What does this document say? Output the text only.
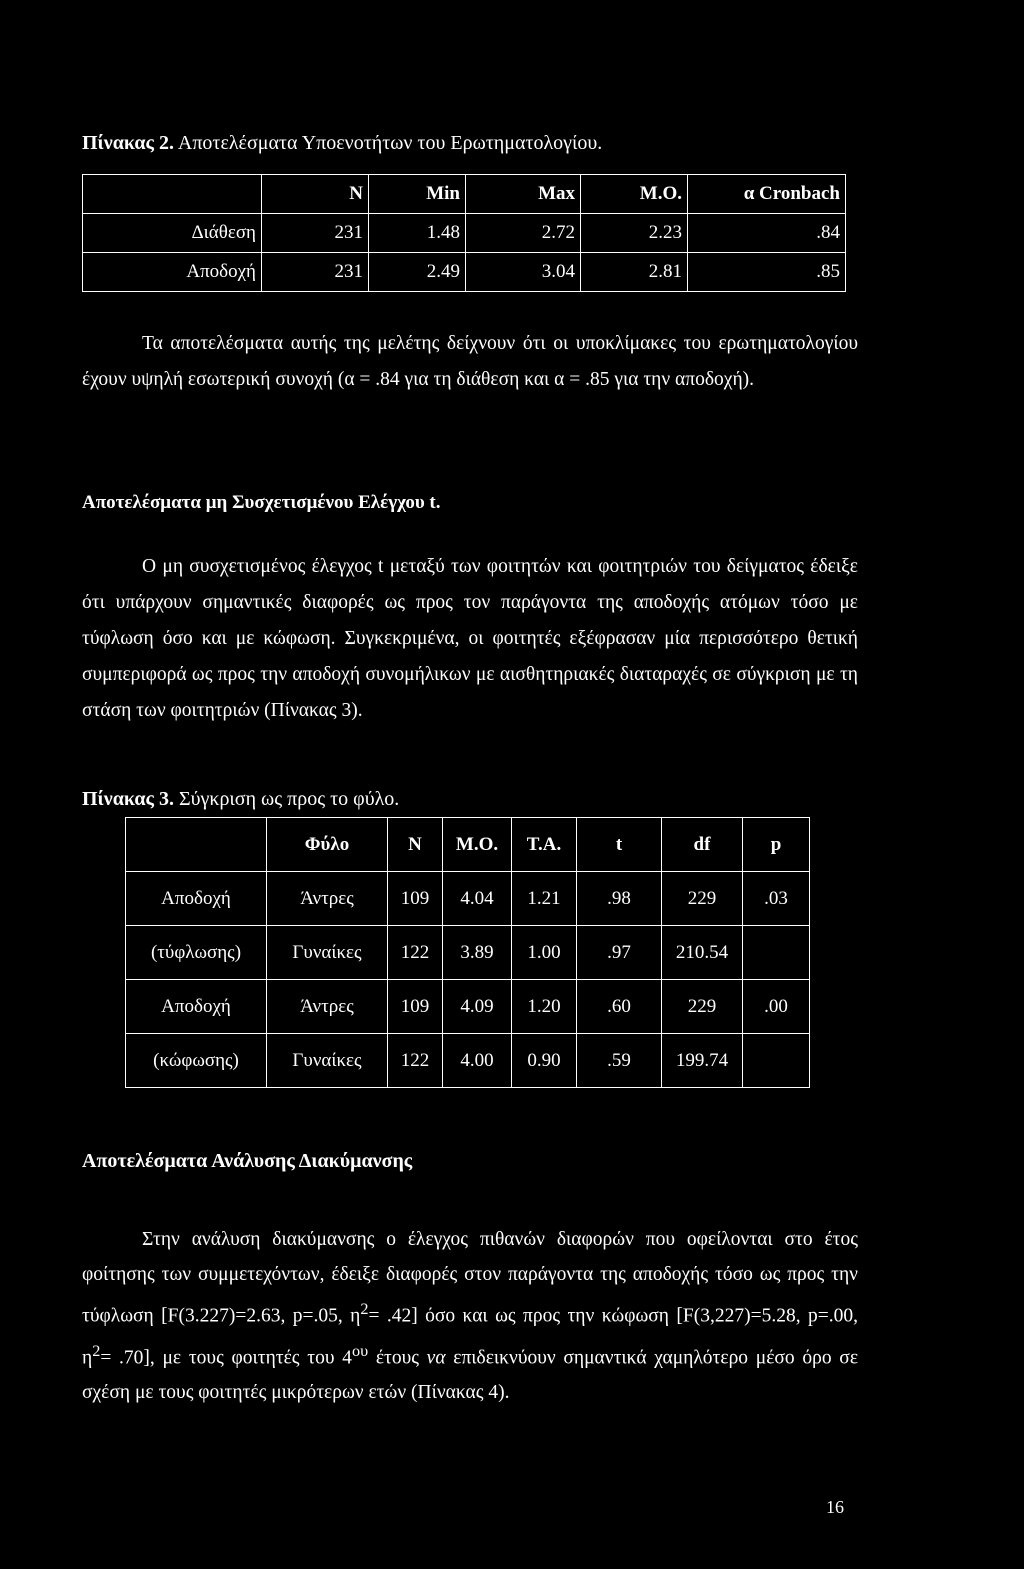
Πίνακας 2. Αποτελέσματα Υποενοτήτων του Ερωτηματολογίου.
	N	Min	Max	M.O.	α Cronbach
Διάθεση	231	1.48	2.72	2.23	.84
Αποδοχή	231	2.49	3.04	2.81	.85
Τα αποτελέσματα αυτής της μελέτης δείχνουν ότι οι υποκλίμακες του ερωτηματολογίου έχουν υψηλή εσωτερική συνοχή (α = .84 για τη διάθεση και α = .85 για την αποδοχή).
Αποτελέσματα μη Συσχετισμένου Ελέγχου t.
Ο μη συσχετισμένος έλεγχος t μεταξύ των φοιτητών και φοιτητριών του δείγματος έδειξε ότι υπάρχουν σημαντικές διαφορές ως προς τον παράγοντα της αποδοχής ατόμων τόσο με τύφλωση όσο και με κώφωση. Συγκεκριμένα, οι φοιτητές εξέφρασαν μία περισσότερο θετική συμπεριφορά ως προς την αποδοχή συνομήλικων με αισθητηριακές διαταραχές σε σύγκριση με τη στάση των φοιτητριών (Πίνακας 3).
Πίνακας 3. Σύγκριση ως προς το φύλο.
	Φύλο	N	M.O.	T.A.	t	df	p
Αποδοχή	Άντρες	109	4.04	1.21	.98	229	.03
(τύφλωσης)	Γυναίκες	122	3.89	1.00	.97	210.54	
Αποδοχή	Άντρες	109	4.09	1.20	.60	229	.00
(κώφωσης)	Γυναίκες	122	4.00	0.90	.59	199.74	
Αποτελέσματα Ανάλυσης Διακύμανσης
Στην ανάλυση διακύμανσης ο έλεγχος πιθανών διαφορών που οφείλονται στο έτος φοίτησης των συμμετεχόντων, έδειξε διαφορές στον παράγοντα της αποδοχής τόσο ως προς την τύφλωση [F(3.227)=2.63, p=.05, $\eta^2= .42$] όσο και ως προς την κώφωση [F(3,227)=5.28, p=.00, $\eta^2= .70$], με τους φοιτητές του $4^{o\upsilon}$ έτους να επιδεικνύουν σημαντικά χαμηλότερο μέσο όρο σε σχέση με τους φοιτητές μικρότερων ετών (Πίνακας 4).
16
